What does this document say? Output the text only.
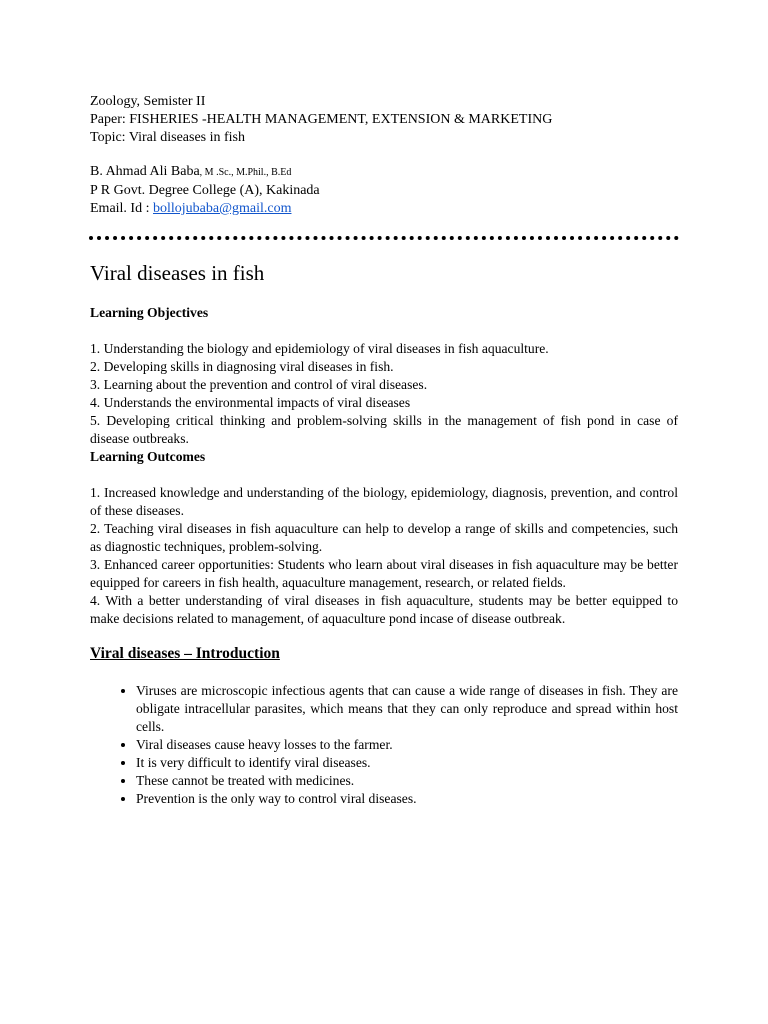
Zoology, Semister II
Paper: FISHERIES -HEALTH MANAGEMENT, EXTENSION & MARKETING
Topic: Viral diseases in fish
B. Ahmad Ali Baba, M .Sc., M.Phil., B.Ed
P R Govt. Degree College (A), Kakinada
Email. Id : bollojubaba@gmail.com
Viral diseases in fish

Learning Objectives

1. Understanding the biology and epidemiology of viral diseases in fish aquaculture.

2. Developing skills in diagnosing viral diseases in fish.

3. Learning about the prevention and control of viral diseases.

4. Understands the environmental impacts of viral diseases

5. Developing critical thinking and problem-solving skills in the management of fish pond in case of disease outbreaks.

Learning Outcomes

1. Increased knowledge and understanding of the biology, epidemiology, diagnosis, prevention, and control of these diseases.

2. Teaching viral diseases in fish aquaculture can help to develop a range of skills and competencies, such as diagnostic techniques, problem-solving.

3. Enhanced career opportunities: Students who learn about viral diseases in fish aquaculture may be better equipped for careers in fish health, aquaculture management, research, or related fields.

4. With a better understanding of viral diseases in fish aquaculture, students may be better equipped to make decisions related to management, of aquaculture pond incase of disease outbreak.

Viral diseases – Introduction

• Viruses are microscopic infectious agents that can cause a wide range of diseases in fish. They are obligate intracellular parasites, which means that they can only reproduce and spread within host cells.
• Viral diseases cause heavy losses to the farmer.
• It is very difficult to identify viral diseases.
• These cannot be treated with medicines.
• Prevention is the only way to control viral diseases.
